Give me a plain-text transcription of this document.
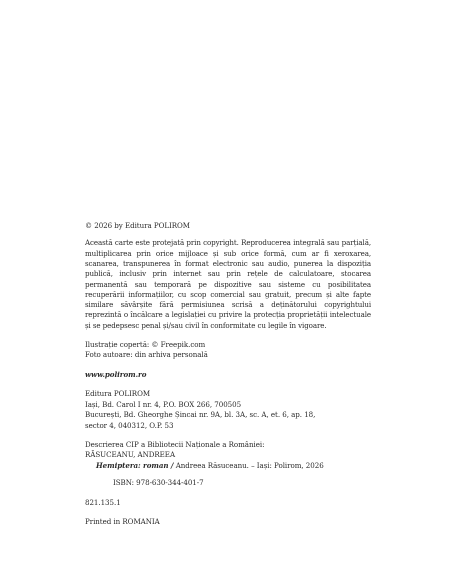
© 2026 by Editura POLIROM

Această carte este protejată prin copyright. Reproducerea integrală sau parțială, multiplicarea prin orice mijloace și sub orice formă, cum ar fi xeroxarea, scanarea, transpunerea în format electronic sau audio, punerea la dispoziția publică, inclusiv prin internet sau prin rețele de calculatoare, stocarea permanentă sau temporară pe dispozitive sau sisteme cu posibilitatea recuperării informațiilor, cu scop comercial sau gratuit, precum și alte fapte similare săvârșite fără permisiunea scrisă a deținătorului copyrightului reprezintă o încălcare a legislației cu privire la protecția proprietății intelectuale și se pedepsesc penal și/sau civil în conformitate cu legile în vigoare.

Ilustrație copertă: © Freepik.com
Foto autoare: din arhiva personală
www.polirom.ro
Editura POLIROM
Iași, Bd. Carol I nr. 4, P.O. BOX 266, 700505
București, Bd. Gheorghe Șincai nr. 9A, bl. 3A, sc. A, et. 6, ap. 18,
sector 4, 040312, O.P. 53
Descrierea CIP a Bibliotecii Naționale a României:
RĂSUCEANU, ANDREEA
Hemiptera: roman / Andreea Răsuceanu. – Iași: Polirom, 2026
ISBN: 978-630-344-401-7
821.135.1
Printed in ROMANIA
